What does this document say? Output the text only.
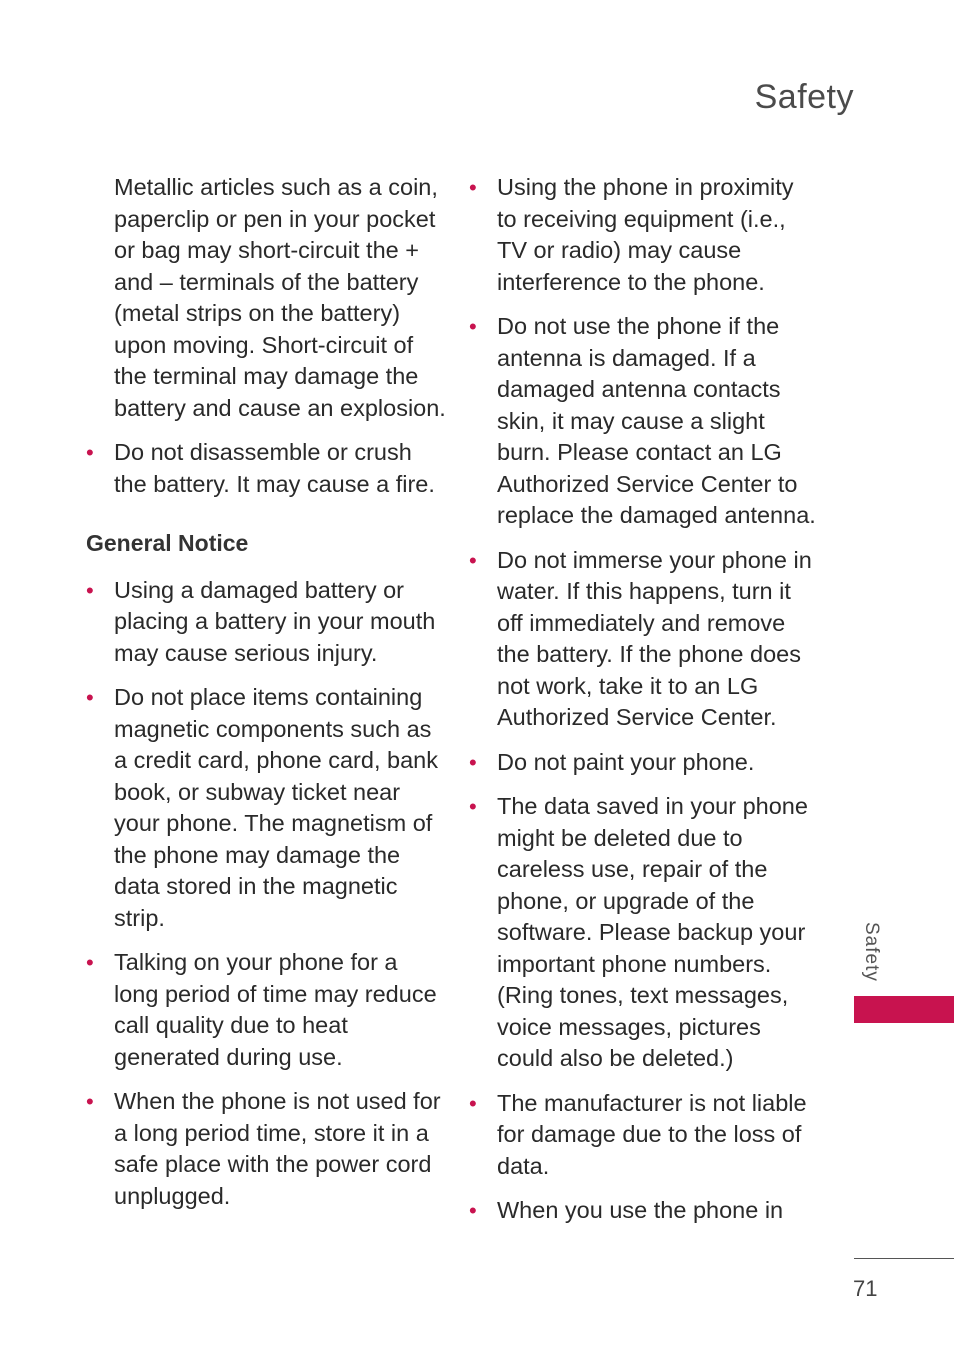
Safety

Metallic articles such as a coin, paperclip or pen in your pocket or bag may short-circuit the + and – terminals of the battery (metal strips on the battery) upon moving. Short-circuit of the terminal may damage the battery and cause an explosion.

• Do not disassemble or crush the battery. It may cause a fire.
General Notice
• Using a damaged battery or placing a battery in your mouth may cause serious injury.
• Do not place items containing magnetic components such as a credit card, phone card, bank book, or subway ticket near your phone. The magnetism of the phone may damage the data stored in the magnetic strip.
• Talking on your phone for a long period of time may reduce call quality due to heat generated during use.
• When the phone is not used for a long period time, store it in a safe place with the power cord unplugged.
• Using the phone in proximity to receiving equipment (i.e., TV or radio) may cause interference to the phone.
• Do not use the phone if the antenna is damaged. If a damaged antenna contacts skin, it may cause a slight burn. Please contact an LG Authorized Service Center to replace the damaged antenna.
• Do not immerse your phone in water. If this happens, turn it off immediately and remove the battery. If the phone does not work, take it to an LG Authorized Service Center.
• Do not paint your phone.
• The data saved in your phone might be deleted due to careless use, repair of the phone, or upgrade of the software. Please backup your important phone numbers. (Ring tones, text messages, voice messages, pictures could also be deleted.)
• The manufacturer is not liable for damage due to the loss of data.
• When you use the phone in
Safety
71
